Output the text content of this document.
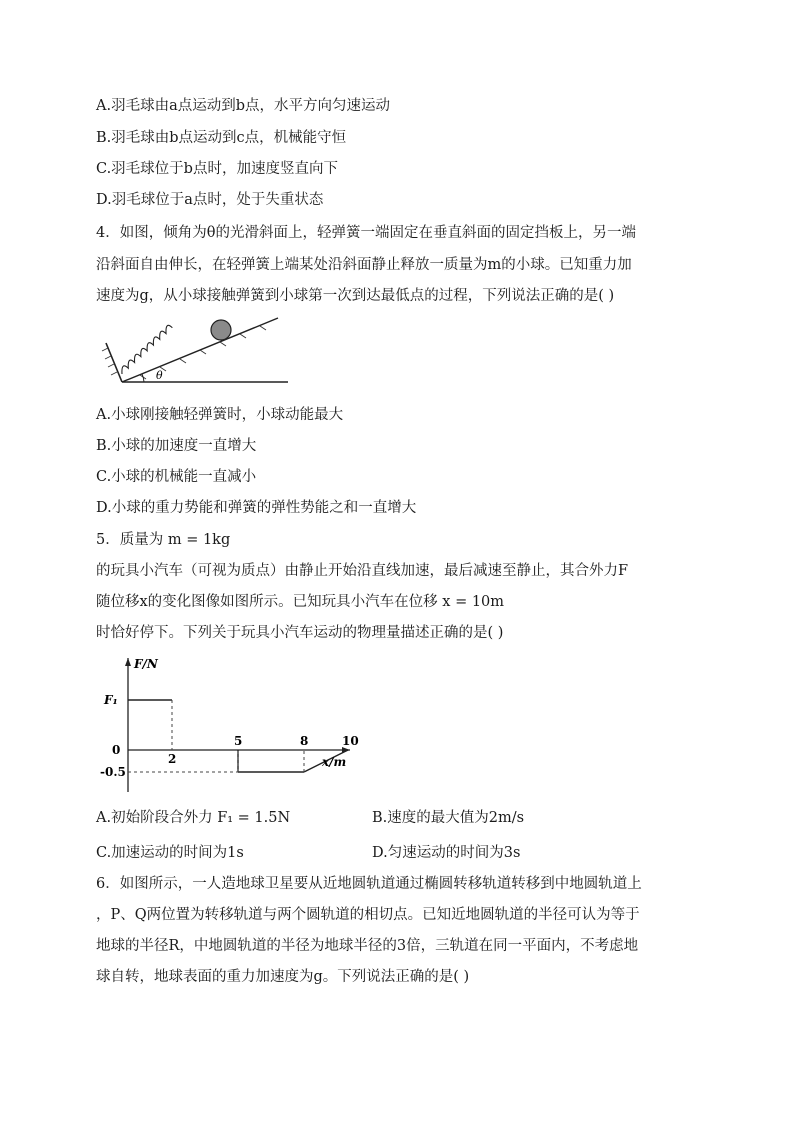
A.羽毛球由a点运动到b点，水平方向匀速运动
B.羽毛球由b点运动到c点，机械能守恒
C.羽毛球位于b点时，加速度竖直向下
D.羽毛球位于a点时，处于失重状态
4．如图，倾角为θ的光滑斜面上，轻弹簧一端固定在垂直斜面的固定挡板上，另一端
沿斜面自由伸长，在轻弹簧上端某处沿斜面静止释放一质量为m的小球。已知重力加
速度为g，从小球接触弹簧到小球第一次到达最低点的过程，下列说法正确的是( )
θ
A.小球刚接触轻弹簧时，小球动能最大
B.小球的加速度一直增大
C.小球的机械能一直减小
D.小球的重力势能和弹簧的弹性势能之和一直增大
5．质量为 m = 1kg
的玩具小汽车（可视为质点）由静止开始沿直线加速，最后减速至静止，其合外力F
随位移x的变化图像如图所示。已知玩具小汽车在位移 x = 10m
时恰好停下。下列关于玩具小汽车运动的物理量描述正确的是( )
2
5	8	10
F₁
0
-0.5
x/m
F/N
A.初始阶段合外力 F₁ = 1.5N	B.速度的最大值为2m/s
C.加速运动的时间为1s	D.匀速运动的时间为3s
6．如图所示，一人造地球卫星要从近地圆轨道通过椭圆转移轨道转移到中地圆轨道上
，P、Q两位置为转移轨道与两个圆轨道的相切点。已知近地圆轨道的半径可认为等于
地球的半径R，中地圆轨道的半径为地球半径的3倍，三轨道在同一平面内，不考虑地
球自转，地球表面的重力加速度为g。下列说法正确的是( )
